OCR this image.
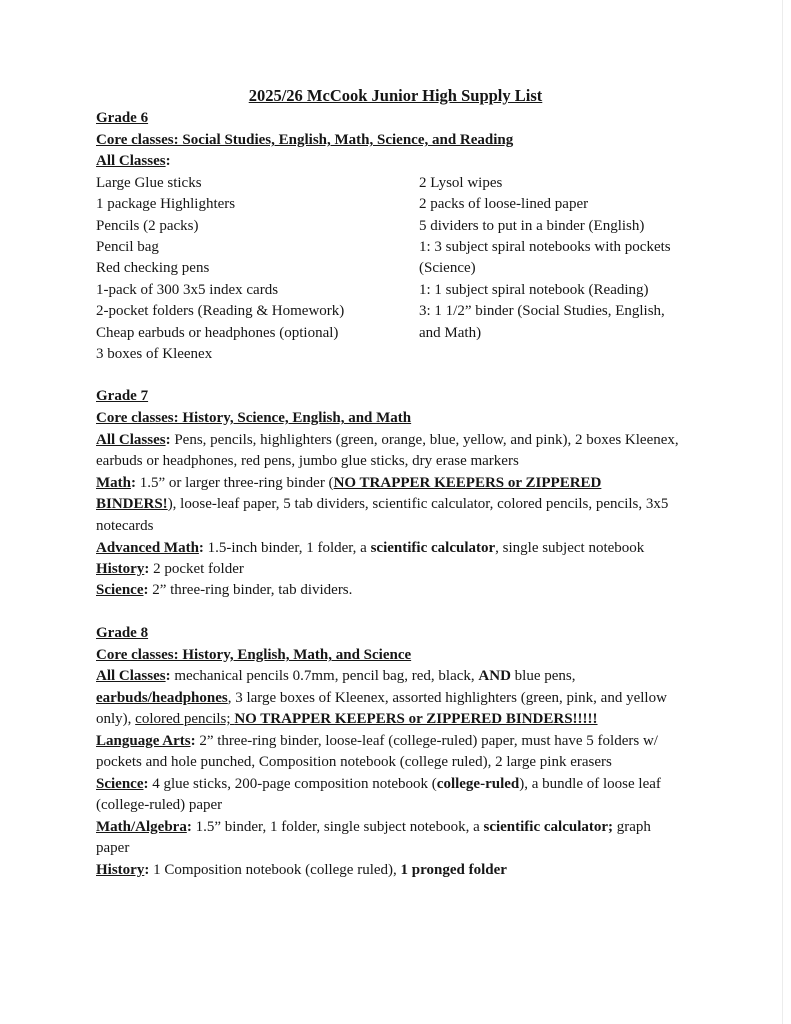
2025/26 McCook Junior High Supply List
Grade 6
Core classes: Social Studies, English, Math, Science, and Reading
All Classes:
Large Glue sticks
1 package Highlighters
Pencils (2 packs)
Pencil bag
Red checking pens
1-pack of 300 3x5 index cards
2-pocket folders (Reading & Homework)
Cheap earbuds or headphones (optional)
3 boxes of Kleenex
2 Lysol wipes
2 packs of loose-lined paper
5 dividers to put in a binder (English)
1: 3 subject spiral notebooks with pockets
(Science)
1: 1 subject spiral notebook (Reading)
3: 1 1/2” binder (Social Studies, English,
and Math)
Grade 7
Core classes: History, Science, English, and Math
All Classes: Pens, pencils, highlighters (green, orange, blue, yellow, and pink), 2 boxes Kleenex,
earbuds or headphones, red pens, jumbo glue sticks, dry erase markers
Math: 1.5” or larger three-ring binder (NO TRAPPER KEEPERS or ZIPPERED
BINDERS!), loose-leaf paper, 5 tab dividers, scientific calculator, colored pencils, pencils, 3x5
notecards
Advanced Math: 1.5-inch binder, 1 folder, a scientific calculator, single subject notebook
History: 2 pocket folder
Science: 2” three-ring binder, tab dividers.
Grade 8
Core classes: History, English, Math, and Science
All Classes: mechanical pencils 0.7mm, pencil bag, red, black, AND blue pens,
earbuds/headphones, 3 large boxes of Kleenex, assorted highlighters (green, pink, and yellow
only), colored pencils; NO TRAPPER KEEPERS or ZIPPERED BINDERS!!!!!
Language Arts: 2” three-ring binder, loose-leaf (college-ruled) paper, must have 5 folders w/
pockets and hole punched, Composition notebook (college ruled), 2 large pink erasers
Science: 4 glue sticks, 200-page composition notebook (college-ruled), a bundle of loose leaf
(college-ruled) paper
Math/Algebra: 1.5” binder, 1 folder, single subject notebook, a scientific calculator; graph
paper
History: 1 Composition notebook (college ruled), 1 pronged folder
